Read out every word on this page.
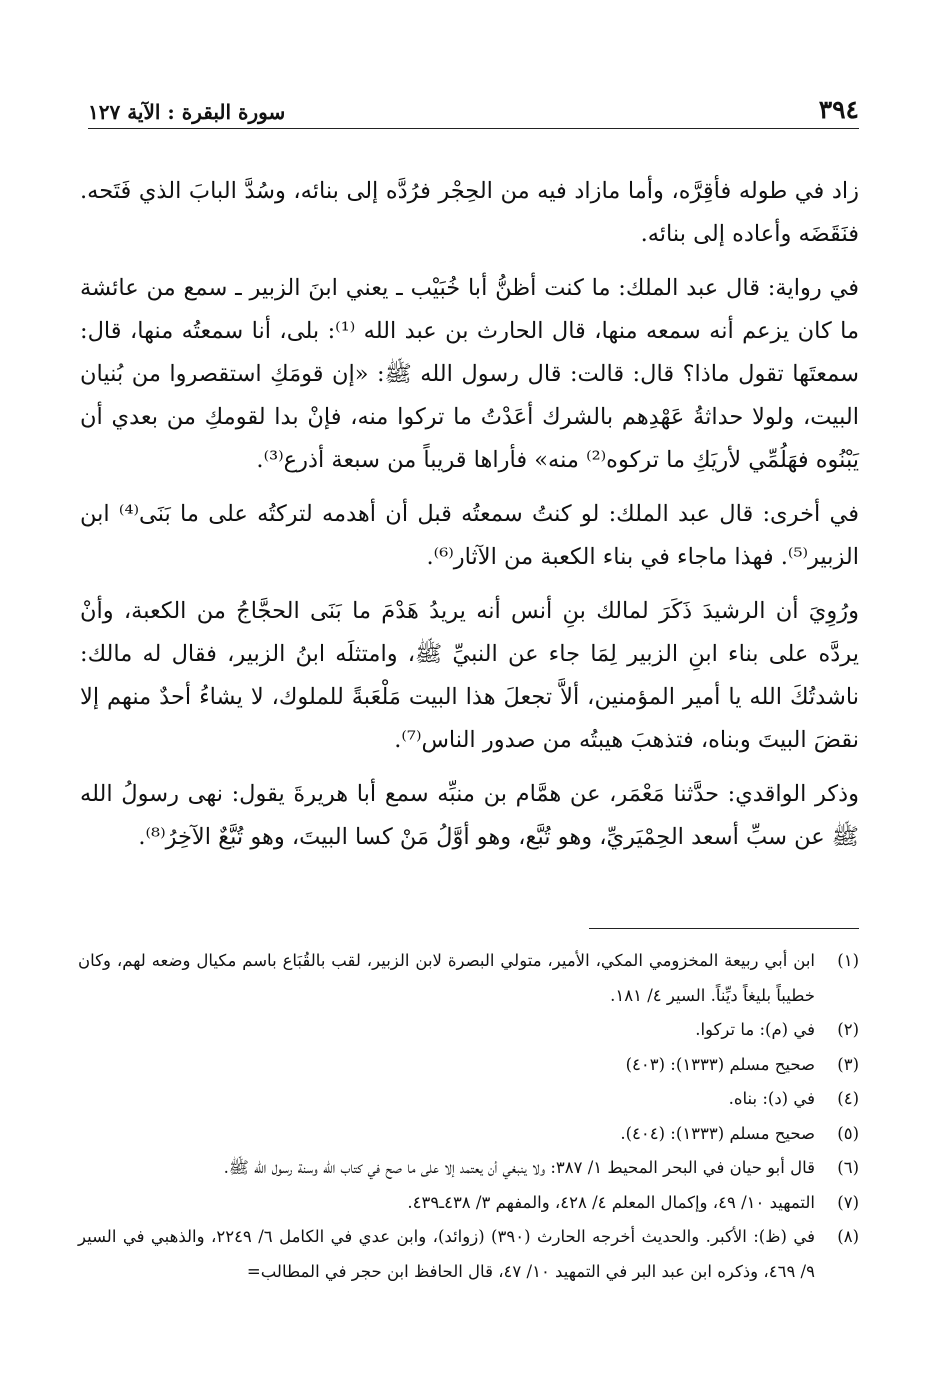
٣٩٤
سورة البقرة : الآية ١٢٧

زاد في طوله فأقِرَّه، وأما مازاد فيه من الحِجْر فرُدَّه إلى بنائه، وسُدَّ البابَ الذي فَتَحه. فنَقَضَه وأعاده إلى بنائه.

في رواية: قال عبد الملك: ما كنت أظنُّ أبا خُبَيْب ـ يعني ابنَ الزبير ـ سمع من عائشة ما كان يزعم أنه سمعه منها، قال الحارث بن عبد الله ⁽¹⁾: بلى، أنا سمعتُه منها، قال: سمعتَها تقول ماذا؟ قال: قالت: قال رسول الله ﷺ: «إن قومَكِ استقصروا من بُنيان البيت، ولولا حداثةُ عَهْدِهم بالشرك أعَدْتُ ما تركوا منه، فإنْ بدا لقومكِ من بعدي أن يَبْنُوه فهَلُمِّي لأريَكِ ما تركوه⁽²⁾ منه» فأراها قريباً من سبعة أذرع⁽³⁾.

في أخرى: قال عبد الملك: لو كنتُ سمعتُه قبل أن أهدمه لتركتُه على ما بَنَى⁽⁴⁾ ابن الزبير⁽⁵⁾. فهذا ماجاء في بناء الكعبة من الآثار⁽⁶⁾.

ورُوِيَ أن الرشيدَ ذَكَرَ لمالك بنِ أنس أنه يريدُ هَدْمَ ما بَنَى الحجَّاجُ من الكعبة، وأنْ يردَّه على بناء ابنِ الزبير لِمَا جاء عن النبيِّ ﷺ، وامتثلَه ابنُ الزبير، فقال له مالك: ناشدتُكَ الله يا أمير المؤمنين، ألاَّ تجعلَ هذا البيت مَلْعَبةً للملوك، لا يشاءُ أحدٌ منهم إلا نقضَ البيتَ وبناه، فتذهبَ هيبتُه من صدور الناس⁽⁷⁾.

وذكر الواقدي: حدَّثنا مَعْمَر، عن همَّام بن منبِّه سمع أبا هريرةَ يقول: نهى رسولُ الله ﷺ عن سبِّ أسعد الحِمْيَريِّ، وهو تُبَّع، وهو أوَّلُ مَنْ كسا البيتَ، وهو تُبَّعٌ الآخِرُ⁽⁸⁾.

(١)
ابن أبي ربيعة المخزومي المكي، الأمير، متولي البصرة لابن الزبير، لقب بالقُبَاع باسم مكيال وضعه لهم، وكان خطيباً بليغاً ديِّناً. السير ٤/ ١٨١.
(٢)
في (م): ما تركوا.
(٣)
صحيح مسلم (١٣٣٣): (٤٠٣)
(٤)
في (د): بناه.
(٥)
صحيح مسلم (١٣٣٣): (٤٠٤).
(٦)
قال أبو حيان في البحر المحيط ١/ ٣٨٧: ولا ينبغي أن يعتمد إلا على ما صح في كتاب الله وسنة رسول الله ﷺ.
(٧)
التمهيد ١٠/ ٤٩، وإكمال المعلم ٤/ ٤٢٨، والمفهم ٣/ ٤٣٨ـ٤٣٩.
(٨)
في (ظ): الأكبر. والحديث أخرجه الحارث (٣٩٠) (زوائد)، وابن عدي في الكامل ٦/ ٢٢٤٩، والذهبي في السير ٩/ ٤٦٩، وذكره ابن عبد البر في التمهيد ١٠/ ٤٧، قال الحافظ ابن حجر في المطالب=
